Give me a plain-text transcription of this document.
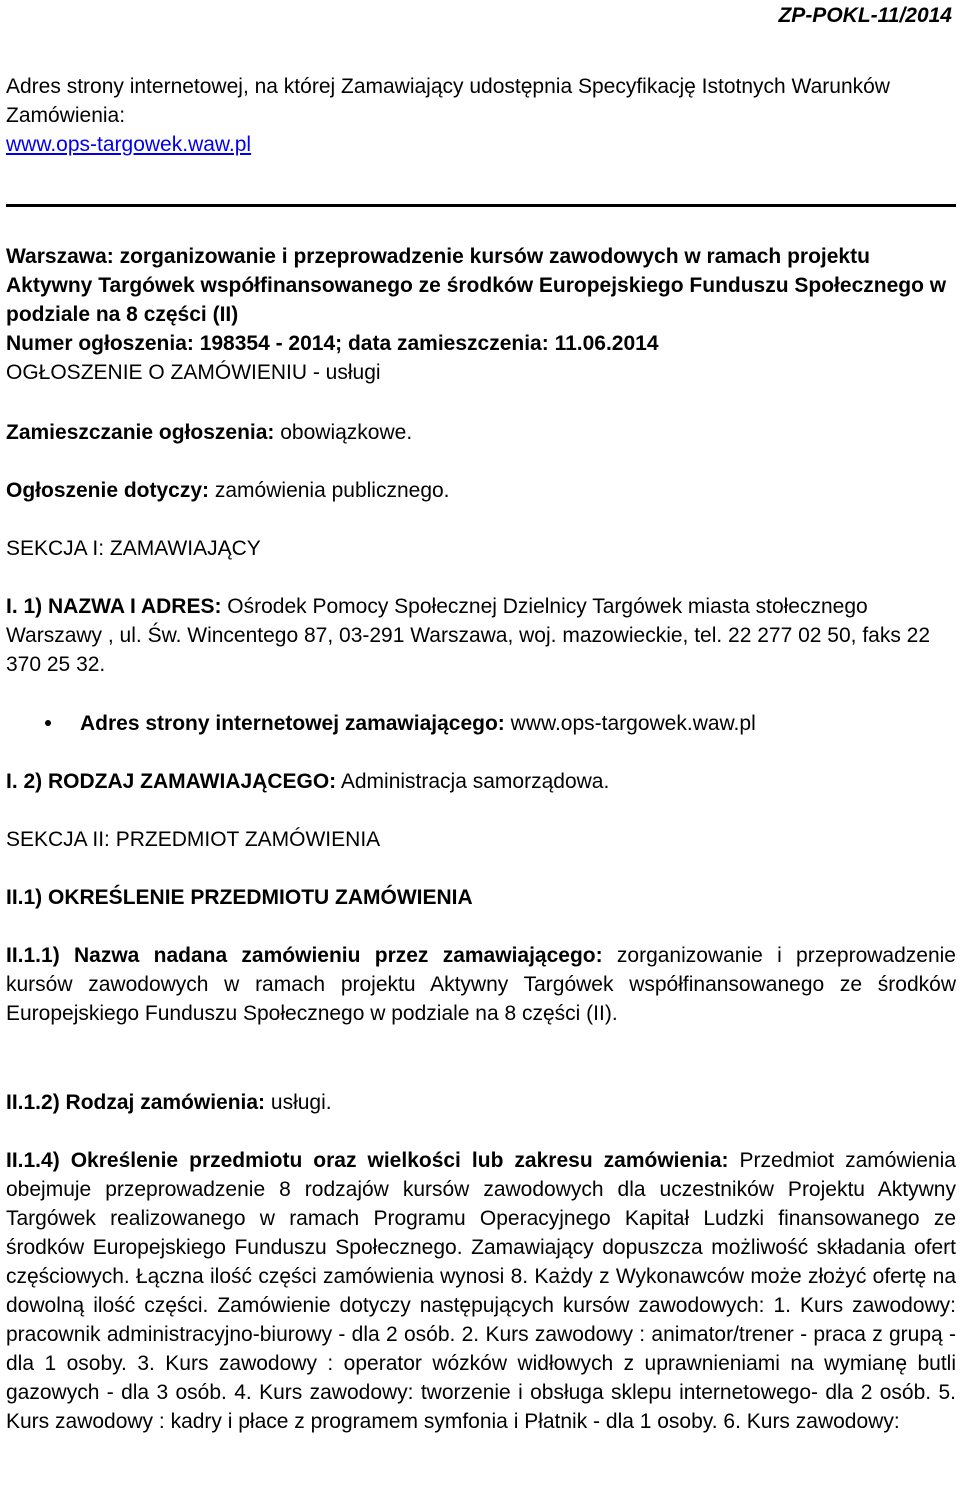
ZP-POKL-11/2014

Adres strony internetowej, na której Zamawiający udostępnia Specyfikację Istotnych Warunków Zamówienia:

www.ops-targowek.waw.pl

Warszawa: zorganizowanie i przeprowadzenie kursów zawodowych w ramach projektu Aktywny Targówek współfinansowanego ze środków Europejskiego Funduszu Społecznego w podziale na 8 części (II)

Numer ogłoszenia: 198354 - 2014; data zamieszczenia: 11.06.2014

OGŁOSZENIE O ZAMÓWIENIU - usługi
Zamieszczanie ogłoszenia: obowiązkowe.
Ogłoszenie dotyczy: zamówienia publicznego.
SEKCJA I: ZAMAWIAJĄCY
I. 1) NAZWA I ADRES: Ośrodek Pomocy Społecznej Dzielnicy Targówek miasta stołecznego Warszawy , ul. Św. Wincentego 87, 03-291 Warszawa, woj. mazowieckie, tel. 22 277 02 50, faks 22 370 25 32.
Adres strony internetowej zamawiającego: www.ops-targowek.waw.pl
I. 2) RODZAJ ZAMAWIAJĄCEGO: Administracja samorządowa.
SEKCJA II: PRZEDMIOT ZAMÓWIENIA
II.1) OKREŚLENIE PRZEDMIOTU ZAMÓWIENIA
II.1.1) Nazwa nadana zamówieniu przez zamawiającego: zorganizowanie i przeprowadzenie kursów zawodowych w ramach projektu Aktywny Targówek współfinansowanego ze środków Europejskiego Funduszu Społecznego w podziale na 8 części (II).
II.1.2) Rodzaj zamówienia: usługi.
II.1.4) Określenie przedmiotu oraz wielkości lub zakresu zamówienia: Przedmiot zamówienia obejmuje przeprowadzenie 8 rodzajów kursów zawodowych dla uczestników Projektu Aktywny Targówek realizowanego w ramach Programu Operacyjnego Kapitał Ludzki finansowanego ze środków Europejskiego Funduszu Społecznego. Zamawiający dopuszcza możliwość składania ofert częściowych. Łączna ilość części zamówienia wynosi 8. Każdy z Wykonawców może złożyć ofertę na dowolną ilość części. Zamówienie dotyczy następujących kursów zawodowych: 1. Kurs zawodowy: pracownik administracyjno-biurowy - dla 2 osób. 2. Kurs zawodowy : animator/trener - praca z grupą - dla 1 osoby. 3. Kurs zawodowy : operator wózków widłowych z uprawnieniami na wymianę butli gazowych - dla 3 osób. 4. Kurs zawodowy: tworzenie i obsługa sklepu internetowego- dla 2 osób. 5. Kurs zawodowy : kadry i płace z programem symfonia i Płatnik - dla 1 osoby. 6. Kurs zawodowy:
